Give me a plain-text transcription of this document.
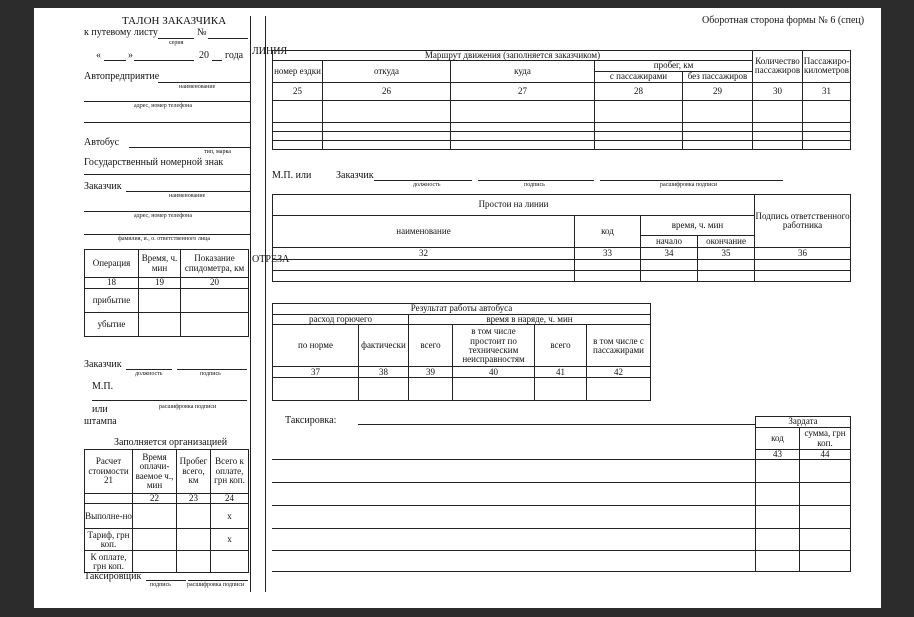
ТАЛОН ЗАКАЗЧИКА
к путевому листу	№
серия
«	»	20 года
Автопредприятие
наименование
адрес, номер телефона
Автобус
тип, марка
Государственный номерной знак
Заказчик
наименование
адрес, номер телефона
фамилия, и., о. ответственного лица
Операция	Время, ч. мин	Показание спидометра, км
18	19	20
прибытие		
убытие		
Заказчик
должность	подпись
М.П.
или	расшифровка подписи
штампа
Заполняется организацией
Расчет стоимости 21	Время оплачи-ваемое ч., мин	Пробег всего, км	Всего к оплате, грн коп.
	22	23	24
Выполне-но			x
Тариф, грн коп.			x
К оплате, грн коп.			
Таксировщик
подпись	расшифровка подписи
ЛИНИЯ
ОТРЕЗА
Оборотная сторона формы № 6 (спец)
Маршрут движения (заполняется заказчиком)					Количество пассажиров	Пассажиро-километров
номер ездки	откуда	куда	пробег, км			
			с пассажирами	без пассажиров		
25	26	27	28	29	30	31

М.П. или Заказчик
должность	подпись	расшифровка подписи
Простои на линии				Подпись ответственного работника
наименование	код	время, ч. мин		
		начало	окончание	
32	33	34	35	36

Результат работы автобуса					
расход горючего		время в наряде, ч. мин			
по норме	фактически	всего	в том числе простоит по техническим неисправностям	всего	в том числе с пассажирами
37	38	39	40	41	42

Таксировка:	Зардата	
код	сумма, грн коп.
43	44
